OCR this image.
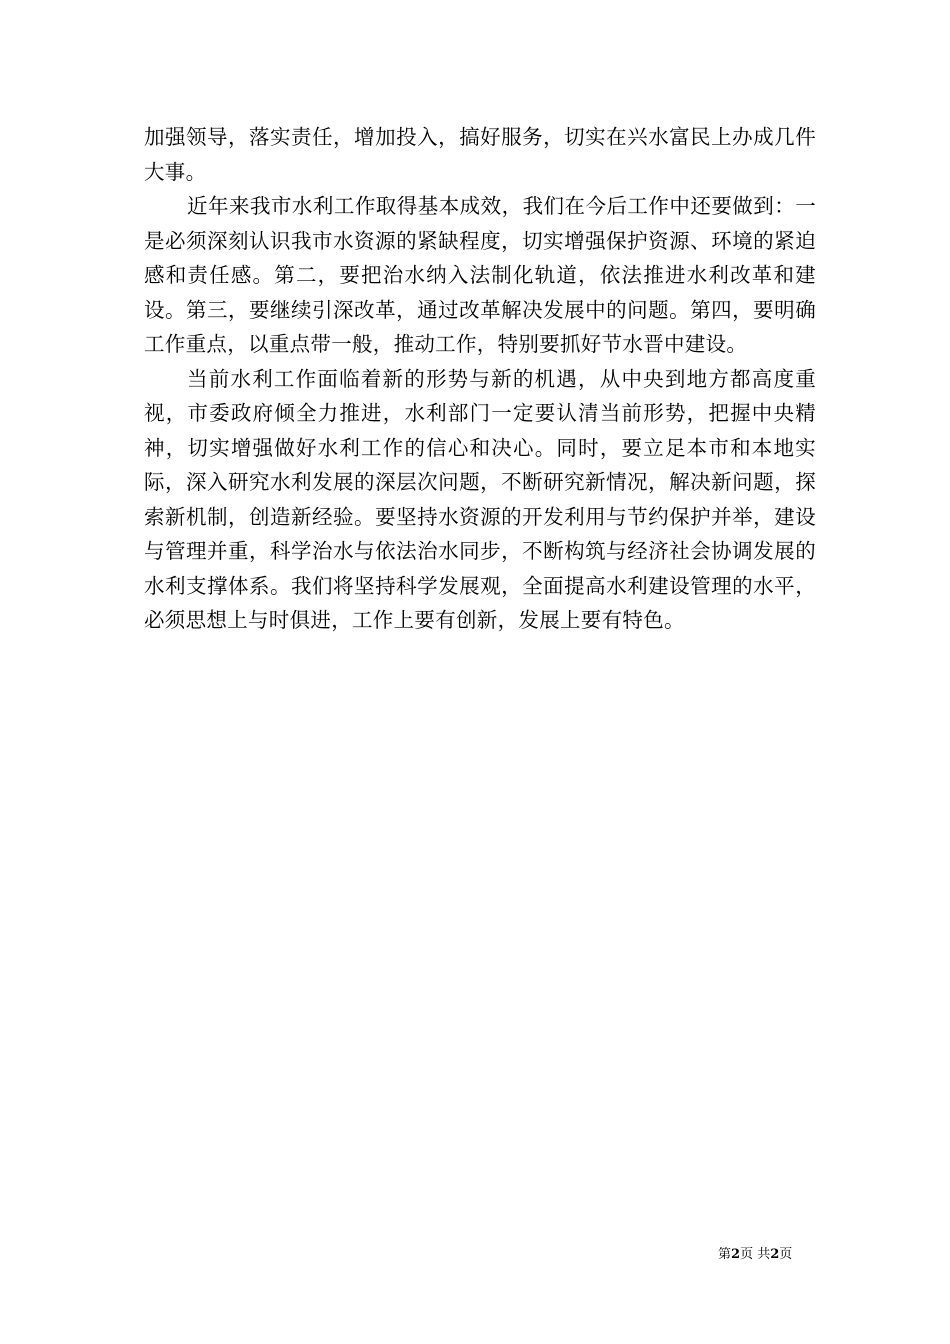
加强领导，落实责任，增加投入，搞好服务，切实在兴水富民上办成几件大事。

近年来我市水利工作取得基本成效，我们在今后工作中还要做到：一是必须深刻认识我市水资源的紧缺程度，切实增强保护资源、环境的紧迫感和责任感。第二，要把治水纳入法制化轨道，依法推进水利改革和建设。第三，要继续引深改革，通过改革解决发展中的问题。第四，要明确工作重点，以重点带一般，推动工作，特别要抓好节水晋中建设。

当前水利工作面临着新的形势与新的机遇，从中央到地方都高度重视，市委政府倾全力推进，水利部门一定要认清当前形势，把握中央精神，切实增强做好水利工作的信心和决心。同时，要立足本市和本地实际，深入研究水利发展的深层次问题，不断研究新情况，解决新问题，探索新机制，创造新经验。要坚持水资源的开发利用与节约保护并举，建设与管理并重，科学治水与依法治水同步，不断构筑与经济社会协调发展的水利支撑体系。我们将坚持科学发展观，全面提高水利建设管理的水平，必须思想上与时俱进，工作上要有创新，发展上要有特色。

第2页 共2页
